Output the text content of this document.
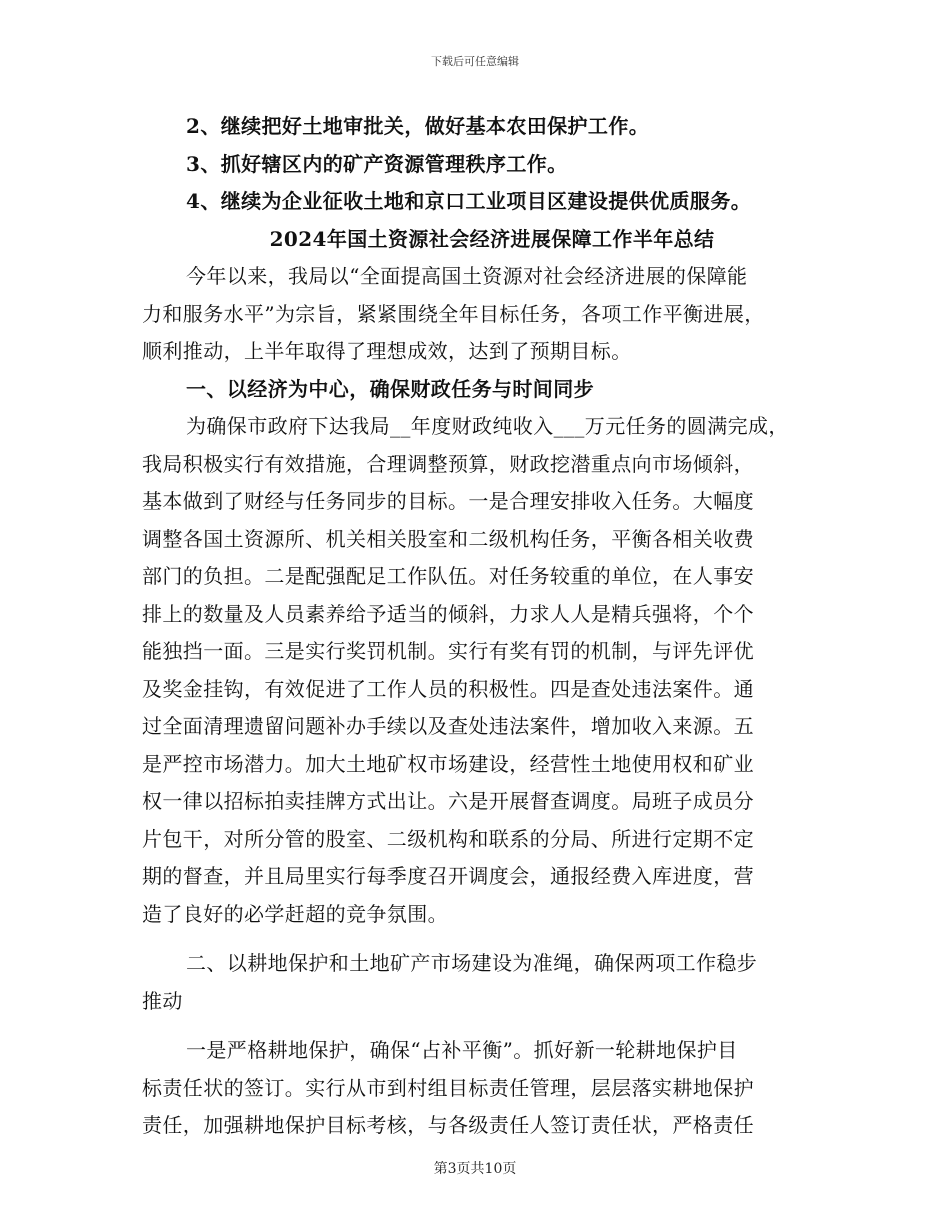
下载后可任意编辑
2、继续把好土地审批关，做好基本农田保护工作。
3、抓好辖区内的矿产资源管理秩序工作。
4、继续为企业征收土地和京口工业项目区建设提供优质服务。
2024年国土资源社会经济进展保障工作半年总结
今年以来，我局以“全面提高国土资源对社会经济进展的保障能
力和服务水平”为宗旨，紧紧围绕全年目标任务，各项工作平衡进展，
顺利推动，上半年取得了理想成效，达到了预期目标。
一、以经济为中心，确保财政任务与时间同步
为确保市政府下达我局__年度财政纯收入___万元任务的圆满完成，
我局积极实行有效措施，合理调整预算，财政挖潜重点向市场倾斜，
基本做到了财经与任务同步的目标。一是合理安排收入任务。大幅度
调整各国土资源所、机关相关股室和二级机构任务，平衡各相关收费
部门的负担。二是配强配足工作队伍。对任务较重的单位，在人事安
排上的数量及人员素养给予适当的倾斜，力求人人是精兵强将，个个
能独挡一面。三是实行奖罚机制。实行有奖有罚的机制，与评先评优
及奖金挂钩，有效促进了工作人员的积极性。四是查处违法案件。通
过全面清理遗留问题补办手续以及查处违法案件，增加收入来源。五
是严控市场潜力。加大土地矿权市场建设，经营性土地使用权和矿业
权一律以招标拍卖挂牌方式出让。六是开展督查调度。局班子成员分
片包干，对所分管的股室、二级机构和联系的分局、所进行定期不定
期的督查，并且局里实行每季度召开调度会，通报经费入库进度，营
造了良好的必学赶超的竞争氛围。
二、以耕地保护和土地矿产市场建设为准绳，确保两项工作稳步
推动
一是严格耕地保护，确保“占补平衡”。抓好新一轮耕地保护目
标责任状的签订。实行从市到村组目标责任管理，层层落实耕地保护
责任，加强耕地保护目标考核，与各级责任人签订责任状，严格责任
第3页共10页
